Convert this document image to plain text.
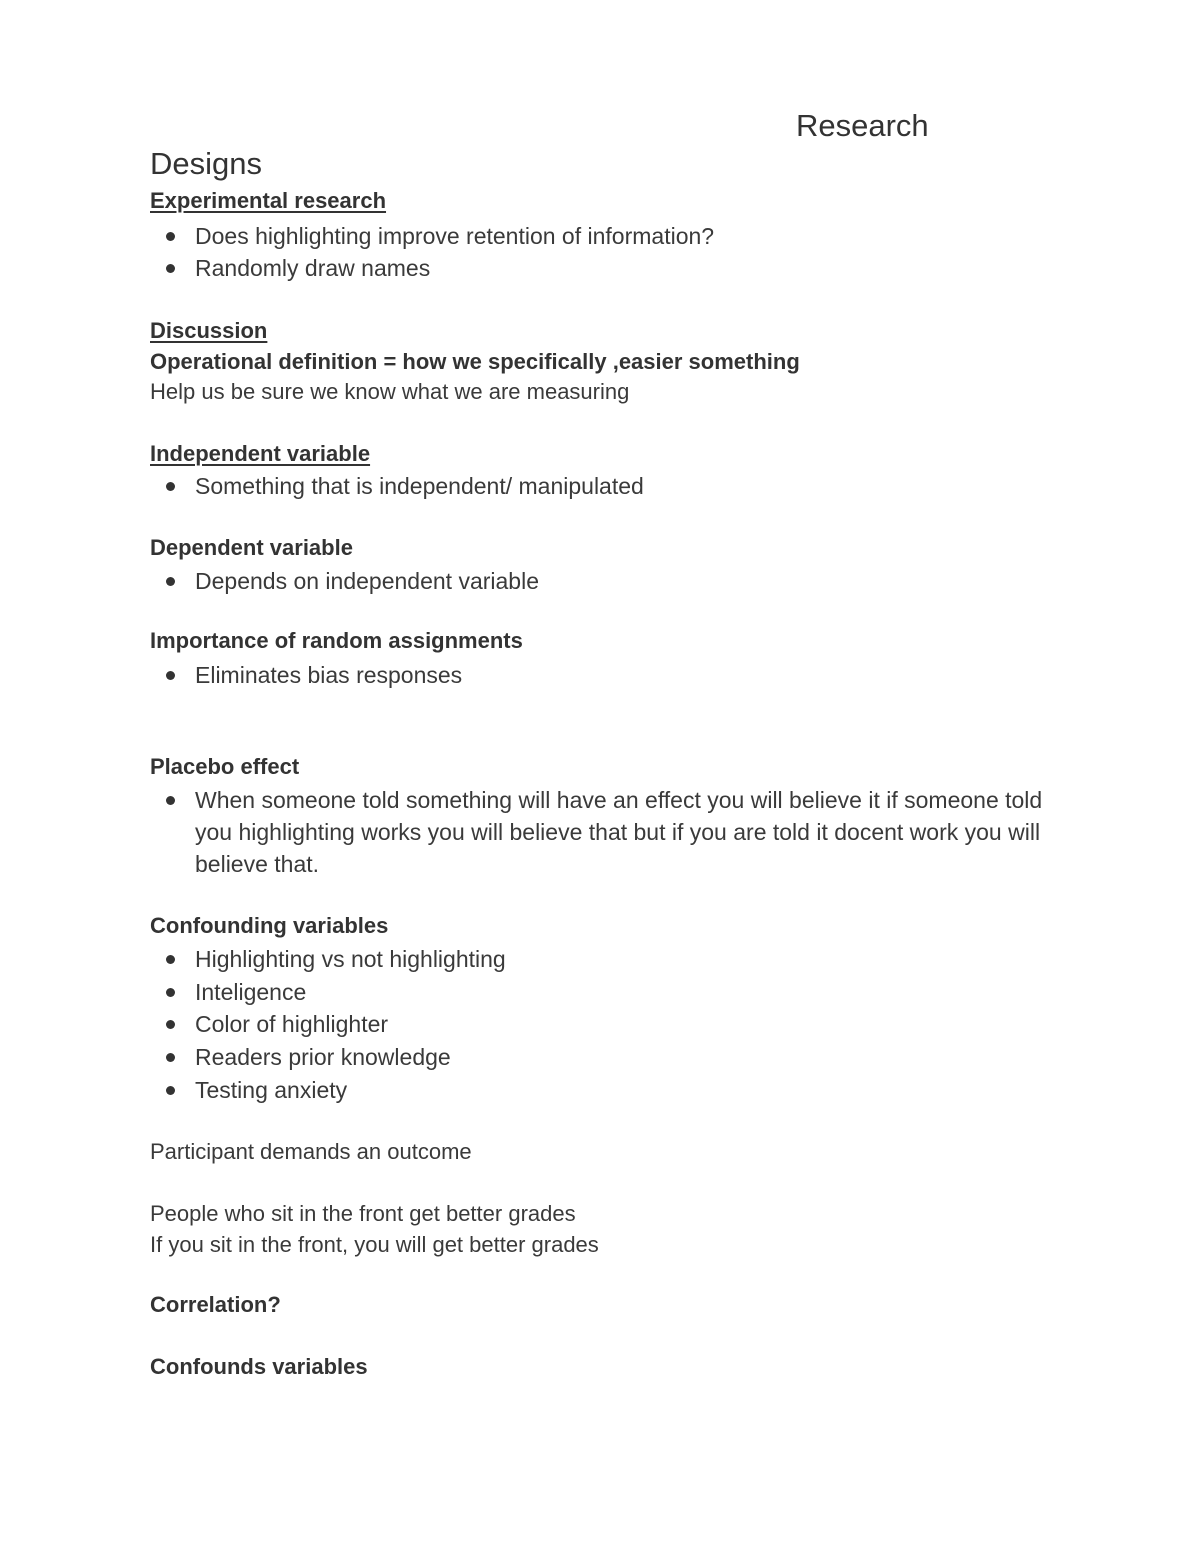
Research
Designs
Experimental research
Does highlighting improve retention of information?
Randomly draw names
Discussion
Operational definition = how we specifically ,easier something
Help us be sure we know what we are measuring
Independent variable
Something that is independent/ manipulated
Dependent variable
Depends on independent variable
Importance of random assignments
Eliminates bias responses
Placebo effect
When someone told something will have an effect you will believe it if someone told you highlighting works you will believe that but if you are told it docent work you will believe that.
Confounding variables
Highlighting vs not highlighting
Inteligence
Color of highlighter
Readers prior knowledge
Testing anxiety
Participant demands an outcome
People who sit in the front get better grades
If you sit in the front, you will get better grades
Correlation?
Confounds variables
